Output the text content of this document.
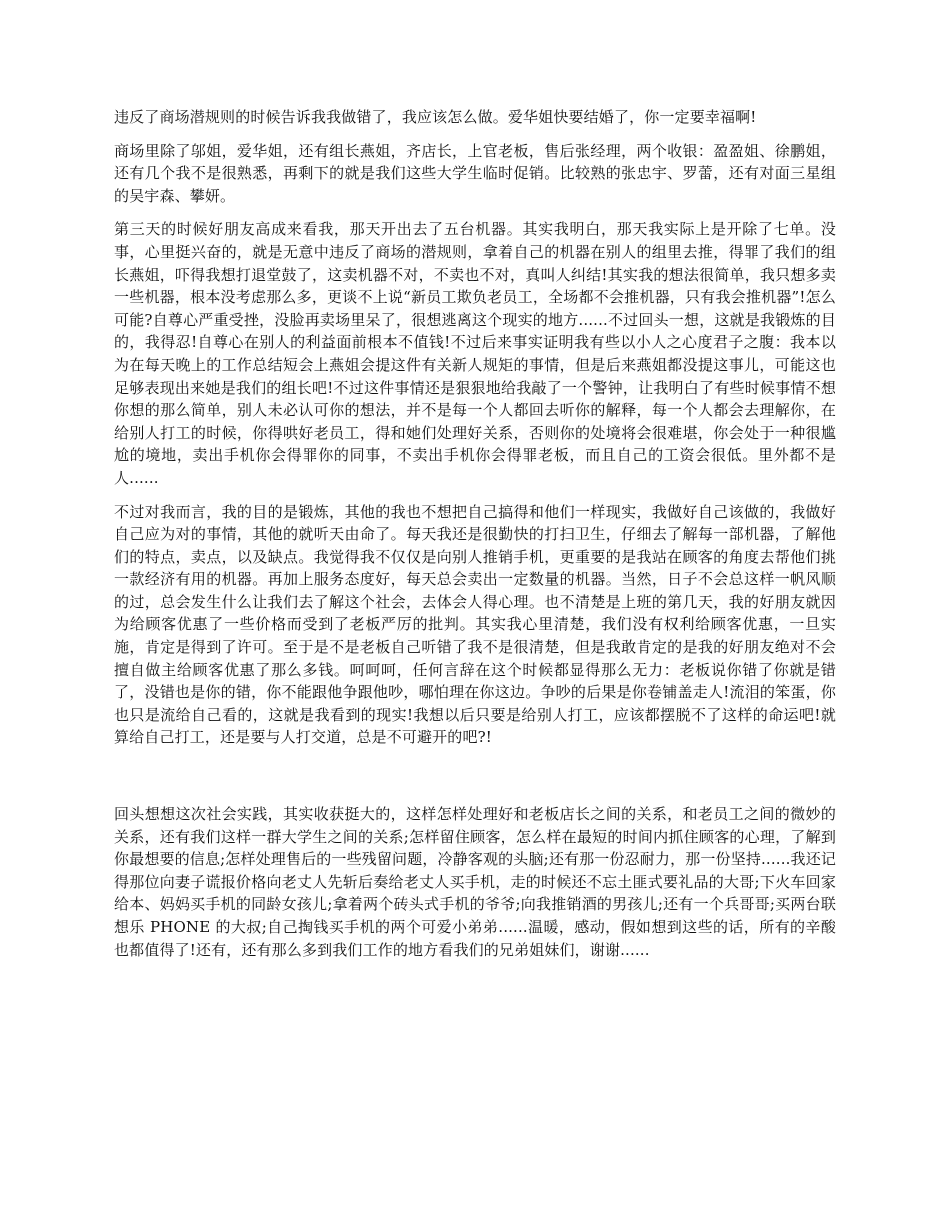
违反了商场潜规则的时候告诉我我做错了，我应该怎么做。爱华姐快要结婚了，你一定要幸福啊!

商场里除了邬姐，爱华姐，还有组长燕姐，齐店长，上官老板，售后张经理，两个收银：盈盈姐、徐鹏姐，还有几个我不是很熟悉，再剩下的就是我们这些大学生临时促销。比较熟的张忠宇、罗蕾，还有对面三星组的吴宇森、攀妍。

第三天的时候好朋友高成来看我，那天开出去了五台机器。其实我明白，那天我实际上是开除了七单。没事，心里挺兴奋的，就是无意中违反了商场的潜规则，拿着自己的机器在别人的组里去推，得罪了我们的组长燕姐，吓得我想打退堂鼓了，这卖机器不对，不卖也不对，真叫人纠结!其实我的想法很简单，我只想多卖一些机器，根本没考虑那么多，更谈不上说“新员工欺负老员工，全场都不会推机器，只有我会推机器”!怎么可能?自尊心严重受挫，没脸再卖场里呆了，很想逃离这个现实的地方......不过回头一想，这就是我锻炼的目的，我得忍!自尊心在别人的利益面前根本不值钱!不过后来事实证明我有些以小人之心度君子之腹：我本以为在每天晚上的工作总结短会上燕姐会提这件有关新人规矩的事情，但是后来燕姐都没提这事儿，可能这也足够表现出来她是我们的组长吧!不过这件事情还是狠狠地给我敲了一个警钟，让我明白了有些时候事情不想你想的那么简单，别人未必认可你的想法，并不是每一个人都回去听你的解释，每一个人都会去理解你，在给别人打工的时候，你得哄好老员工，得和她们处理好关系，否则你的处境将会很难堪，你会处于一种很尴尬的境地，卖出手机你会得罪你的同事，不卖出手机你会得罪老板，而且自己的工资会很低。里外都不是人......

不过对我而言，我的目的是锻炼，其他的我也不想把自己搞得和他们一样现实，我做好自己该做的，我做好自己应为对的事情，其他的就听天由命了。每天我还是很勤快的打扫卫生，仔细去了解每一部机器，了解他们的特点，卖点，以及缺点。我觉得我不仅仅是向别人推销手机，更重要的是我站在顾客的角度去帮他们挑一款经济有用的机器。再加上服务态度好，每天总会卖出一定数量的机器。当然，日子不会总这样一帆风顺的过，总会发生什么让我们去了解这个社会，去体会人得心理。也不清楚是上班的第几天，我的好朋友就因为给顾客优惠了一些价格而受到了老板严厉的批判。其实我心里清楚，我们没有权利给顾客优惠，一旦实施，肯定是得到了许可。至于是不是老板自己听错了我不是很清楚，但是我敢肯定的是我的好朋友绝对不会擅自做主给顾客优惠了那么多钱。呵呵呵，任何言辞在这个时候都显得那么无力：老板说你错了你就是错了，没错也是你的错，你不能跟他争跟他吵，哪怕理在你这边。争吵的后果是你卷铺盖走人!流泪的笨蛋，你也只是流给自己看的，这就是我看到的现实!我想以后只要是给别人打工，应该都摆脱不了这样的命运吧!就算给自己打工，还是要与人打交道，总是不可避开的吧?!

回头想想这次社会实践，其实收获挺大的，这样怎样处理好和老板店长之间的关系，和老员工之间的微妙的关系，还有我们这样一群大学生之间的关系;怎样留住顾客，怎么样在最短的时间内抓住顾客的心理，了解到你最想要的信息;怎样处理售后的一些残留问题，冷静客观的头脑;还有那一份忍耐力，那一份坚持......我还记得那位向妻子谎报价格向老丈人先斩后奏给老丈人买手机，走的时候还不忘土匪式要礼品的大哥;下火车回家给本、妈妈买手机的同龄女孩儿;拿着两个砖头式手机的爷爷;向我推销酒的男孩儿;还有一个兵哥哥;买两台联想乐 PHONE 的大叔;自己掏钱买手机的两个可爱小弟弟......温暖，感动，假如想到这些的话，所有的辛酸也都值得了!还有，还有那么多到我们工作的地方看我们的兄弟姐妹们，谢谢......
